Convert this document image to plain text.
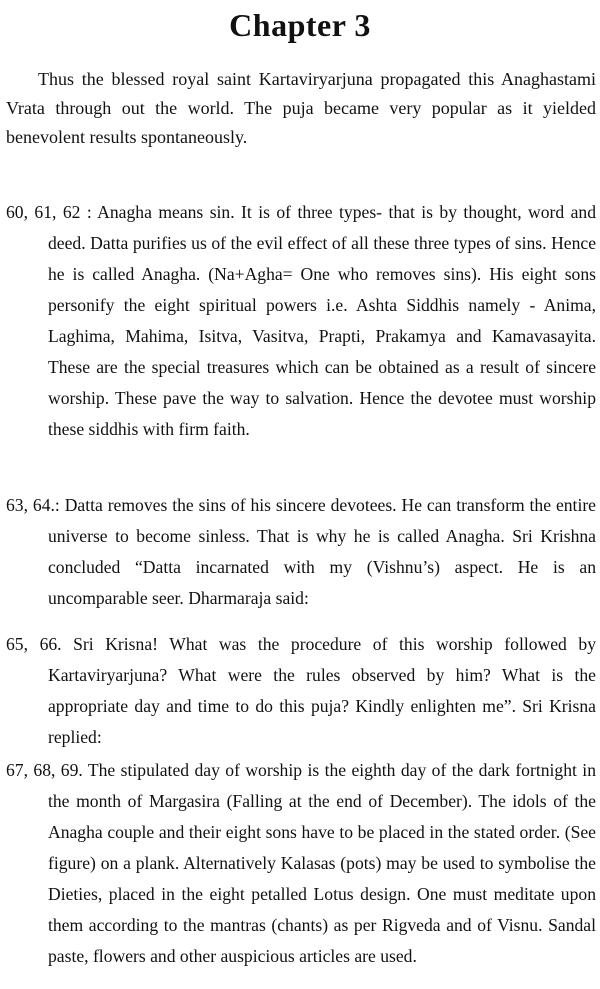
Chapter 3

Thus the blessed royal saint Kartaviryarjuna propagated this Anaghastami Vrata through out the world. The puja became very popular as it yielded benevolent results spontaneously.

60, 61, 62 : Anagha means sin. It is of three types- that is by thought, word and deed. Datta purifies us of the evil effect of all these three types of sins. Hence he is called Anagha. (Na+Agha= One who removes sins). His eight sons personify the eight spiritual powers i.e. Ashta Siddhis namely - Anima, Laghima, Mahima, Isitva, Vasitva, Prapti, Prakamya and Kamavasayita. These are the special treasures which can be obtained as a result of sincere worship. These pave the way to salvation. Hence the devotee must worship these siddhis with firm faith.

63, 64.: Datta removes the sins of his sincere devotees. He can transform the entire universe to become sinless. That is why he is called Anagha. Sri Krishna concluded “Datta incarnated with my (Vishnu’s) aspect. He is an uncomparable seer. Dharmaraja said:

65, 66. Sri Krisna! What was the procedure of this worship followed by Kartaviryarjuna? What were the rules observed by him? What is the appropriate day and time to do this puja? Kindly enlighten me”. Sri Krisna replied:

67, 68, 69. The stipulated day of worship is the eighth day of the dark fortnight in the month of Margasira (Falling at the end of December). The idols of the Anagha couple and their eight sons have to be placed in the stated order. (See figure) on a plank. Alternatively Kalasas (pots) may be used to symbolise the Dieties, placed in the eight petalled Lotus design. One must meditate upon them according to the mantras (chants) as per Rigveda and of Visnu. Sandal paste, flowers and other auspicious articles are used.
